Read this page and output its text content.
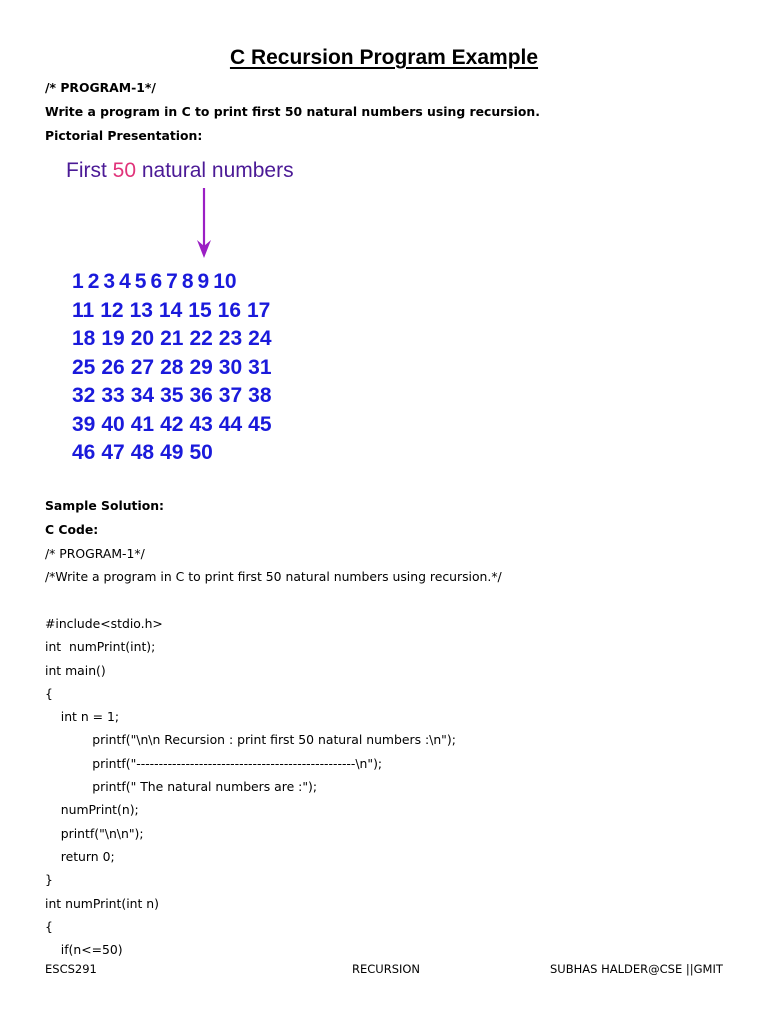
C Recursion Program Example
/* PROGRAM-1*/
Write a program in C to print first 50 natural numbers using recursion.
Pictorial Presentation:
First 50 natural numbers
1 2 3 4 5 6 7 8 9 10
11 12 13 14 15 16 17
18 19 20 21 22 23 24
25 26 27 28 29 30 31
32 33 34 35 36 37 38
39 40 41 42 43 44 45
46 47 48 49 50
Sample Solution:
C Code:
/* PROGRAM-1*/
/*Write a program in C to print first 50 natural numbers using recursion.*/
#include<stdio.h>
int  numPrint(int);
int main()
{
int n = 1;
printf("\n\n Recursion : print first 50 natural numbers :\n");
printf("-------------------------------------------------\n");
printf(" The natural numbers are :");
numPrint(n);
printf("\n\n");
return 0;
}
int numPrint(int n)
{
if(n<=50)
ESCS291	RECURSION	SUBHAS HALDER@CSE ||GMIT
